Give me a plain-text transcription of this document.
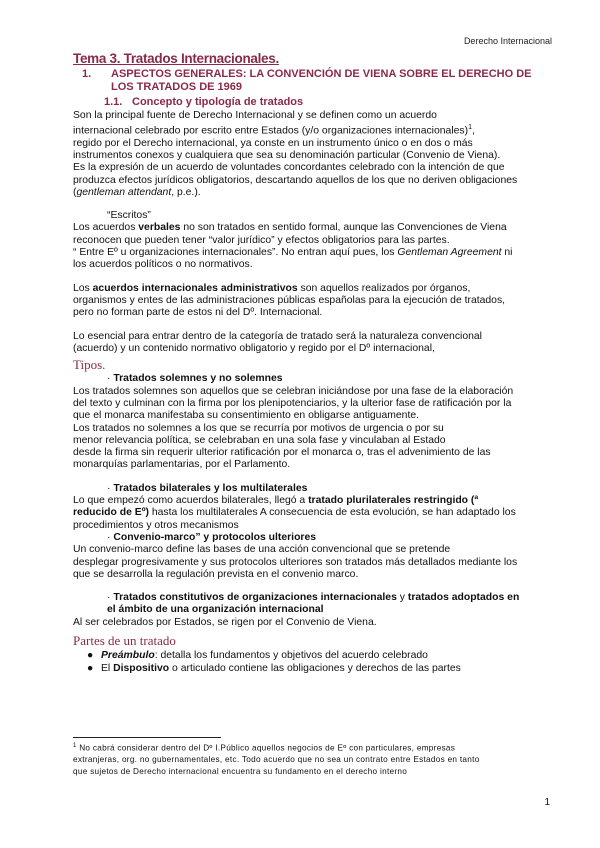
Derecho Internacional
Tema 3. Tratados Internacionales.
1.	ASPECTOS GENERALES: LA CONVENCIÓN DE VIENA SOBRE EL DERECHO DE LOS TRATADOS DE 1969
1.1. Concepto y tipología de tratados

Son la principal fuente de Derecho Internacional y se definen como un acuerdo

internacional celebrado por escrito entre Estados (y/o organizaciones internacionales)$^1$,

regido por el Derecho internacional, ya conste en un instrumento único o en dos o más

instrumentos conexos y cualquiera que sea su denominación particular (Convenio de Viena).

Es la expresión de un acuerdo de voluntades concordantes celebrado con la intención de que

produzca efectos jurídicos obligatorios, descartando aquellos de los que no deriven obligaciones

(gentleman attendant, p.e.).

“Escritos”

Los acuerdos verbales no son tratados en sentido formal, aunque las Convenciones de Viena

reconocen que pueden tener “valor jurídico” y efectos obligatorios para las partes.

“ Entre Eº u organizaciones internacionales”. No entran aquí pues, los Gentleman Agreement ni

los acuerdos políticos o no normativos.

Los acuerdos internacionales administrativos son aquellos realizados por órganos,

organismos y entes de las administraciones públicas españolas para la ejecución de tratados,

pero no forman parte de estos ni del Dº. Internacional.

Lo esencial para entrar dentro de la categoría de tratado será la naturaleza convencional

(acuerdo) y un contenido normativo obligatorio y regido por el Dº internacional,

Tipos.

· Tratados solemnes y no solemnes

Los tratados solemnes son aquellos que se celebran iniciándose por una fase de la elaboración

del texto y culminan con la firma por los plenipotenciarios, y la ulterior fase de ratificación por la

que el monarca manifestaba su consentimiento en obligarse antiguamente.

Los tratados no solemnes a los que se recurría por motivos de urgencia o por su

menor relevancia política, se celebraban en una sola fase y vinculaban al Estado

desde la firma sin requerir ulterior ratificación por el monarca o, tras el advenimiento de las

monarquías parlamentarias, por el Parlamento.

· Tratados bilaterales y los multilaterales

Lo que empezó como acuerdos bilaterales, llegó a tratado plurilaterales restringido (ª

reducido de Eº) hasta los multilaterales A consecuencia de esta evolución, se han adaptado los

procedimientos y otros mecanismos

· Convenio-marco” y protocolos ulteriores

Un convenio-marco define las bases de una acción convencional que se pretende

desplegar progresivamente y sus protocolos ulteriores son tratados más detallados mediante los

que se desarrolla la regulación prevista en el convenio marco.

· Tratados constitutivos de organizaciones internacionales y tratados adoptados en

el ámbito de una organización internacional

Al ser celebrados por Estados, se rigen por el Convenio de Viena.

Partes de un tratado
● Preámbulo: detalla los fundamentos y objetivos del acuerdo celebrado
● El Dispositivo o articulado contiene las obligaciones y derechos de las partes

$^1$ No cabrá considerar dentro del Dº I.Público aquellos negocios de Eº con particulares, empresas

extranjeras, org. no gubernamentales, etc. Todo acuerdo que no sea un contrato entre Estados en tanto

que sujetos de Derecho internacional encuentra su fundamento en el derecho interno

1
